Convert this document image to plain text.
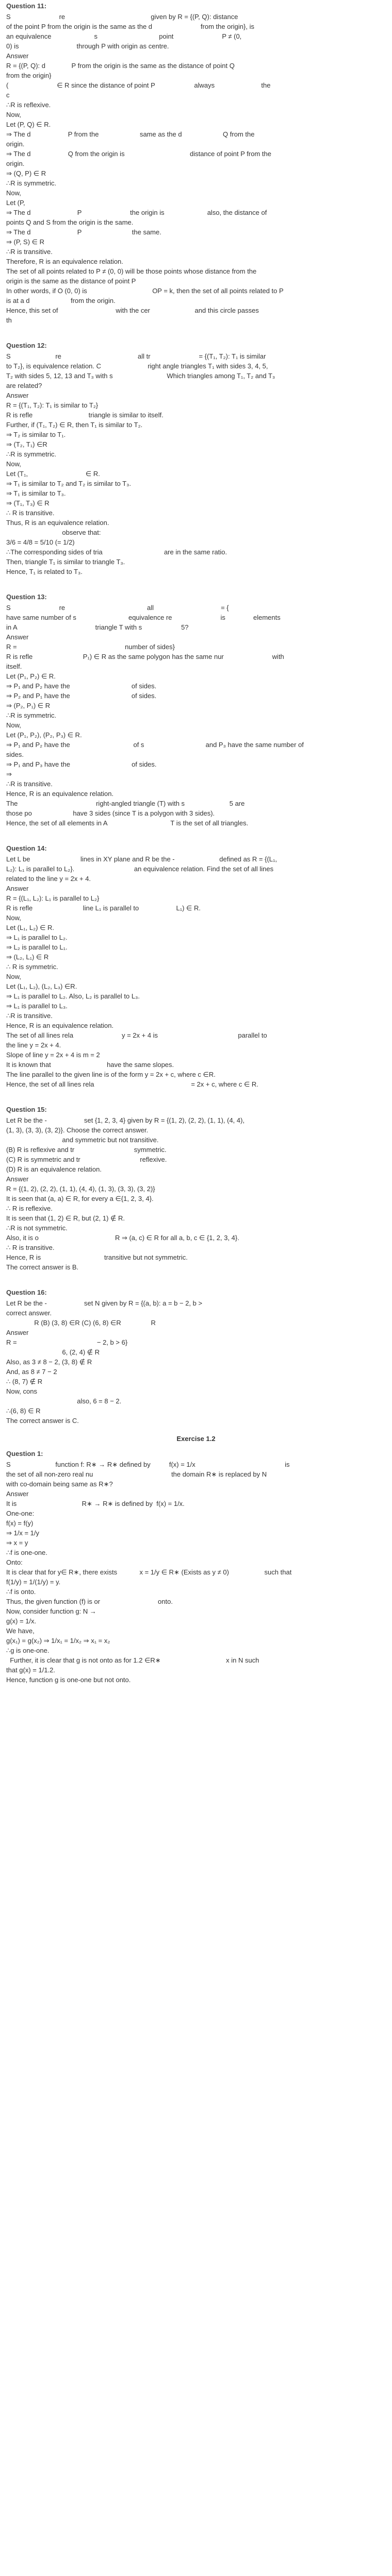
Question 11:
S                          re                                              given by R = {(P, Q): distance
of the point P from the origin is the same as the d                          from the origin}, is
an equivalence                       s                                 point                          P ≠ (0,
0) is                               through P with origin as centre.
Answer
R = {(P, Q): d              P from the origin is the same as the distance of point Q
from the origin}
(                          ∈ R since the distance of point P                     always                         the
c
∴R is reflexive.
Now,
Let (P, Q) ∈ R.
⇒ The d                    P from the                      same as the d                      Q from the
origin.
⇒ The d                    Q from the origin is                                   distance of point P from the
origin.
⇒ (Q, P) ∈ R
∴R is symmetric.
Now,
Let (P,
⇒ The d                         P                          the origin is                       also, the distance of
points Q and S from the origin is the same.
⇒ The d                         P                           the same.
⇒ (P, S) ∈ R
∴R is transitive.
Therefore, R is an equivalence relation.
The set of all points related to P ≠ (0, 0) will be those points whose distance from the
origin is the same as the distance of point P
In other words, if O (0, 0) is                                   OP = k, then the set of all points related to P
is at a d                      from the origin.
Hence, this set of                               with the cer                        and this circle passes
th
Question 12:
S                        re                                         all tr                          = {(T₁, T₂): T₁ is similar
to T₂}, is equivalence relation. C                         right angle triangles T₁ with sides 3, 4, 5,
T₂ with sides 5, 12, 13 and T₃ with s                             Which triangles among T₁, T₂ and T₃
are related?
Answer
R = {(T₁, T₂): T₁ is similar to T₂}
R is refle                              triangle is similar to itself.
Further, if (T₁, T₂) ∈ R, then T₁ is similar to T₂.
⇒ T₂ is similar to T₁.
⇒ (T₂, T₁) ∈R
∴R is symmetric.
Now,
Let (T₁,                               ∈ R.
⇒ T₁ is similar to T₂ and T₂ is similar to T₃.
⇒ T₁ is similar to T₃.
⇒ (T₁, T₃) ∈ R
∴ R is transitive.
Thus, R is an equivalence relation.
observe that:
3/6 = 4/8 = 5/10 (= 1/2)
∴The corresponding sides of tria                                 are in the same ratio.
Then, triangle T₁ is similar to triangle T₃.
Hence, T₁ is related to T₃.
Question 13:
S                          re                                            all                                    = {
have same number of s                            equivalence re                          is               elements
in A                                          triangle T with s                     5?
Answer
R =                                                          number of sides}
R is refle                           P₁) ∈ R as the same polygon has the same nur                          with
itself.
Let (P₁, P₂) ∈ R.
⇒ P₁ and P₂ have the                                 of sides.
⇒ P₂ and P₁ have the                                 of sides.
⇒ (P₂, P₁) ∈ R
∴R is symmetric.
Now,
Let (P₁, P₂), (P₂, P₃) ∈ R.
⇒ P₁ and P₂ have the                                  of s                                 and P₃ have the same number of
sides.
⇒ P₁ and P₃ have the                                 of sides.
⇒
∴R is transitive.
Hence, R is an equivalence relation.
The                                          right-angled triangle (T) with s                        5 are
those po                      have 3 sides (since T is a polygon with 3 sides).
Hence, the set of all elements in A                                  T is the set of all triangles.
Question 14:
Let L be                           lines in XY plane and R be the -                        defined as R = {(L₁,
L₂): L₁ is parallel to L₂}.                                an equivalence relation. Find the set of all lines
related to the line y = 2x + 4.
Answer
R = {(L₁, L₂): L₁ is parallel to L₂}
R is refle                           line L₁ is parallel to                    L₁) ∈ R.
Now,
Let (L₁, L₂) ∈ R.
⇒ L₁ is parallel to L₂.
⇒ L₂ is parallel to L₁.
⇒ (L₂, L₁) ∈ R
∴ R is symmetric.
Now,
Let (L₁, L₂), (L₂, L₃) ∈R.
⇒ L₁ is parallel to L₂. Also, L₂ is parallel to L₃.
⇒ L₁ is parallel to L₃.
∴R is transitive.
Hence, R is an equivalence relation.
The set of all lines rela                          y = 2x + 4 is                                           parallel to
the line y = 2x + 4.
Slope of line y = 2x + 4 is m = 2
It is known that                              have the same slopes.
The line parallel to the given line is of the form y = 2x + c, where c ∈R.
Hence, the set of all lines rela                                                    = 2x + c, where c ∈ R.
Question 15:
Let R be the -                    set {1, 2, 3, 4} given by R = {(1, 2), (2, 2), (1, 1), (4, 4),
(1, 3), (3, 3), (3, 2)}. Choose the correct answer.
and symmetric but not transitive.
(B) R is reflexive and tr                                symmetric.
(C) R is symmetric and tr                                reflexive.
(D) R is an equivalence relation.
Answer
R = {(1, 2), (2, 2), (1, 1), (4, 4), (1, 3), (3, 3), (3, 2)}
It is seen that (a, a) ∈ R, for every a ∈{1, 2, 3, 4}.
∴ R is reflexive.
It is seen that (1, 2) ∈ R, but (2, 1) ∉ R.
∴R is not symmetric.
Also, it is o                                         R ⇒ (a, c) ∈ R for all a, b, c ∈ {1, 2, 3, 4}.
∴ R is transitive.
Hence, R is                                  transitive but not symmetric.
The correct answer is B.
Question 16:
Let R be the -                    set N given by R = {(a, b): a = b − 2, b >
correct answer.
R (B) (3, 8) ∈R (C) (6, 8) ∈R                R
Answer
R =                                           − 2, b > 6}
6, (2, 4) ∉ R
Also, as 3 ≠ 8 − 2, (3, 8) ∉ R
And, as 8 ≠ 7 − 2
∴ (8, 7) ∉ R
Now, cons
also, 6 = 8 − 2.
∴(6, 8) ∈ R
The correct answer is C.
Exercise 1.2
Question 1:
S                        function f: R∗ → R∗ defined by          f(x) = 1/x                                                is
the set of all non-zero real nu                                          the domain R∗ is replaced by N
with co-domain being same as R∗?
Answer
It is                                   R∗ → R∗ is defined by  f(x) = 1/x.
One-one:
f(x) = f(y)
⇒ 1/x = 1/y
⇒ x = y
∴f is one-one.
Onto:
It is clear that for y∈ R∗, there exists            x = 1/y ∈ R∗ (Exists as y ≠ 0)                   such that
f(1/y) = 1/(1/y) = y.
∴f is onto.
Thus, the given function (f) is or                               onto.
Now, consider function g: N →
g(x) = 1/x.
We have,
g(x₁) = g(x₂) ⇒ 1/x₁ = 1/x₂ ⇒ x₁ = x₂
∴g is one-one.
Further, it is clear that g is not onto as for 1.2 ∈R∗                                   x in N such
that g(x) = 1/1.2.
Hence, function g is one-one but not onto.
